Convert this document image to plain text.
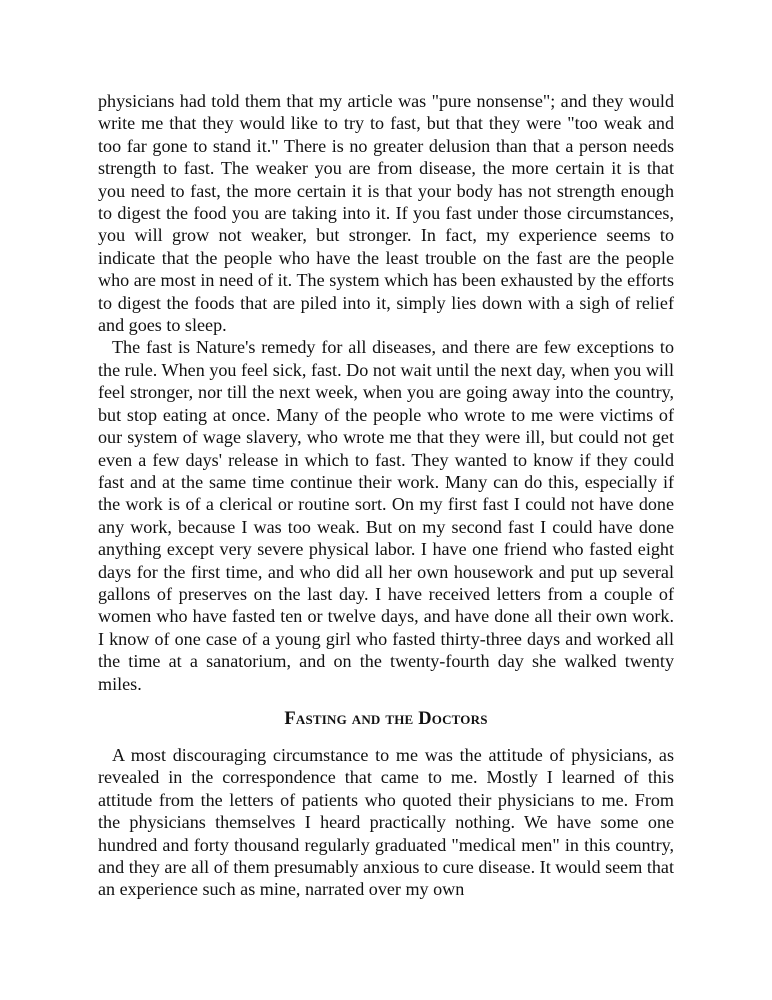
physicians had told them that my article was "pure nonsense"; and they would write me that they would like to try to fast, but that they were "too weak and too far gone to stand it." There is no greater delusion than that a person needs strength to fast. The weaker you are from disease, the more certain it is that you need to fast, the more certain it is that your body has not strength enough to digest the food you are taking into it. If you fast under those circumstances, you will grow not weaker, but stronger. In fact, my experience seems to indicate that the people who have the least trouble on the fast are the people who are most in need of it. The system which has been exhausted by the efforts to digest the foods that are piled into it, simply lies down with a sigh of relief and goes to sleep.

The fast is Nature's remedy for all diseases, and there are few exceptions to the rule. When you feel sick, fast. Do not wait until the next day, when you will feel stronger, nor till the next week, when you are going away into the country, but stop eating at once. Many of the people who wrote to me were victims of our system of wage slavery, who wrote me that they were ill, but could not get even a few days' release in which to fast. They wanted to know if they could fast and at the same time continue their work. Many can do this, especially if the work is of a clerical or routine sort. On my first fast I could not have done any work, because I was too weak. But on my second fast I could have done anything except very severe physical labor. I have one friend who fasted eight days for the first time, and who did all her own housework and put up several gallons of preserves on the last day. I have received letters from a couple of women who have fasted ten or twelve days, and have done all their own work. I know of one case of a young girl who fasted thirty-three days and worked all the time at a sanatorium, and on the twenty-fourth day she walked twenty miles.

Fasting and the Doctors

A most discouraging circumstance to me was the attitude of physicians, as revealed in the correspondence that came to me. Mostly I learned of this attitude from the letters of patients who quoted their physicians to me. From the physicians themselves I heard practically nothing. We have some one hundred and forty thousand regularly graduated "medical men" in this country, and they are all of them presumably anxious to cure disease. It would seem that an experience such as mine, narrated over my own
